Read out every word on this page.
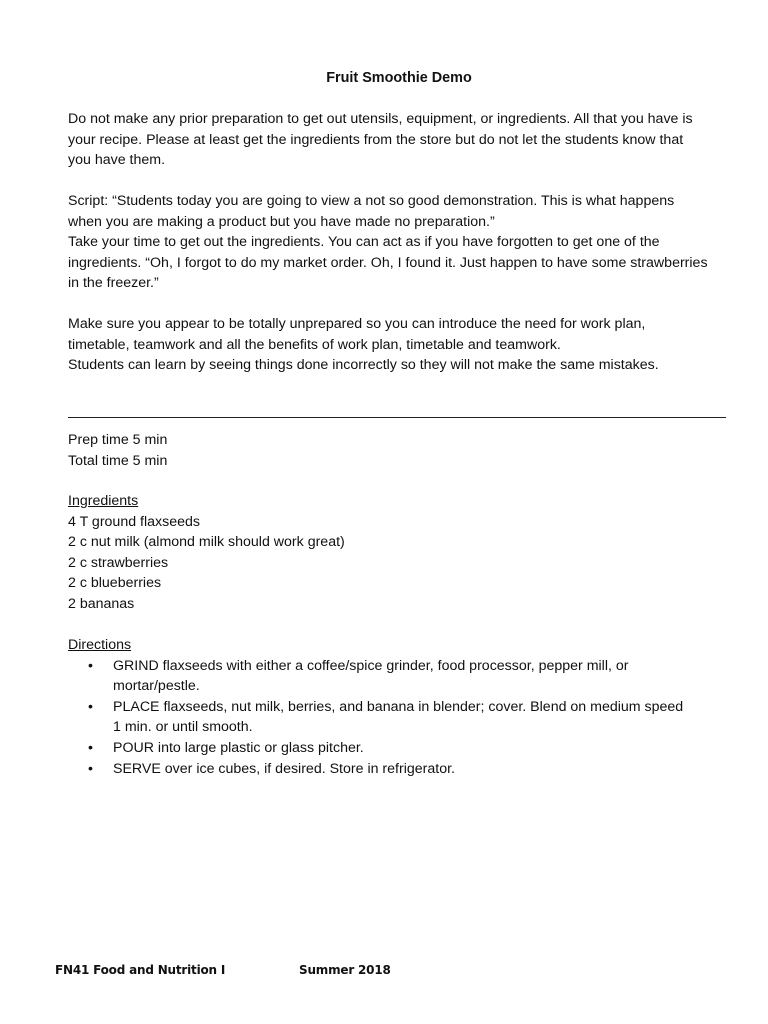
Fruit Smoothie Demo

Do not make any prior preparation to get out utensils, equipment, or ingredients. All that you have is your recipe. Please at least get the ingredients from the store but do not let the students know that you have them.

Script: “Students today you are going to view a not so good demonstration. This is what happens when you are making a product but you have made no preparation.”

Take your time to get out the ingredients. You can act as if you have forgotten to get one of the ingredients. “Oh, I forgot to do my market order. Oh, I found it. Just happen to have some strawberries in the freezer.”

Make sure you appear to be totally unprepared so you can introduce the need for work plan, timetable, teamwork and all the benefits of work plan, timetable and teamwork.

Students can learn by seeing things done incorrectly so they will not make the same mistakes.

Prep time 5 min

Total time 5 min

Ingredients

4 T ground flaxseeds

2 c nut milk (almond milk should work great)

2 c strawberries

2 c blueberries

2 bananas

Directions

• GRIND flaxseeds with either a coffee/spice grinder, food processor, pepper mill, or mortar/pestle.
• PLACE flaxseeds, nut milk, berries, and banana in blender; cover. Blend on medium speed 1 min. or until smooth.
• POUR into large plastic or glass pitcher.
• SERVE over ice cubes, if desired. Store in refrigerator.
FN41 Food and Nutrition I	Summer 2018
